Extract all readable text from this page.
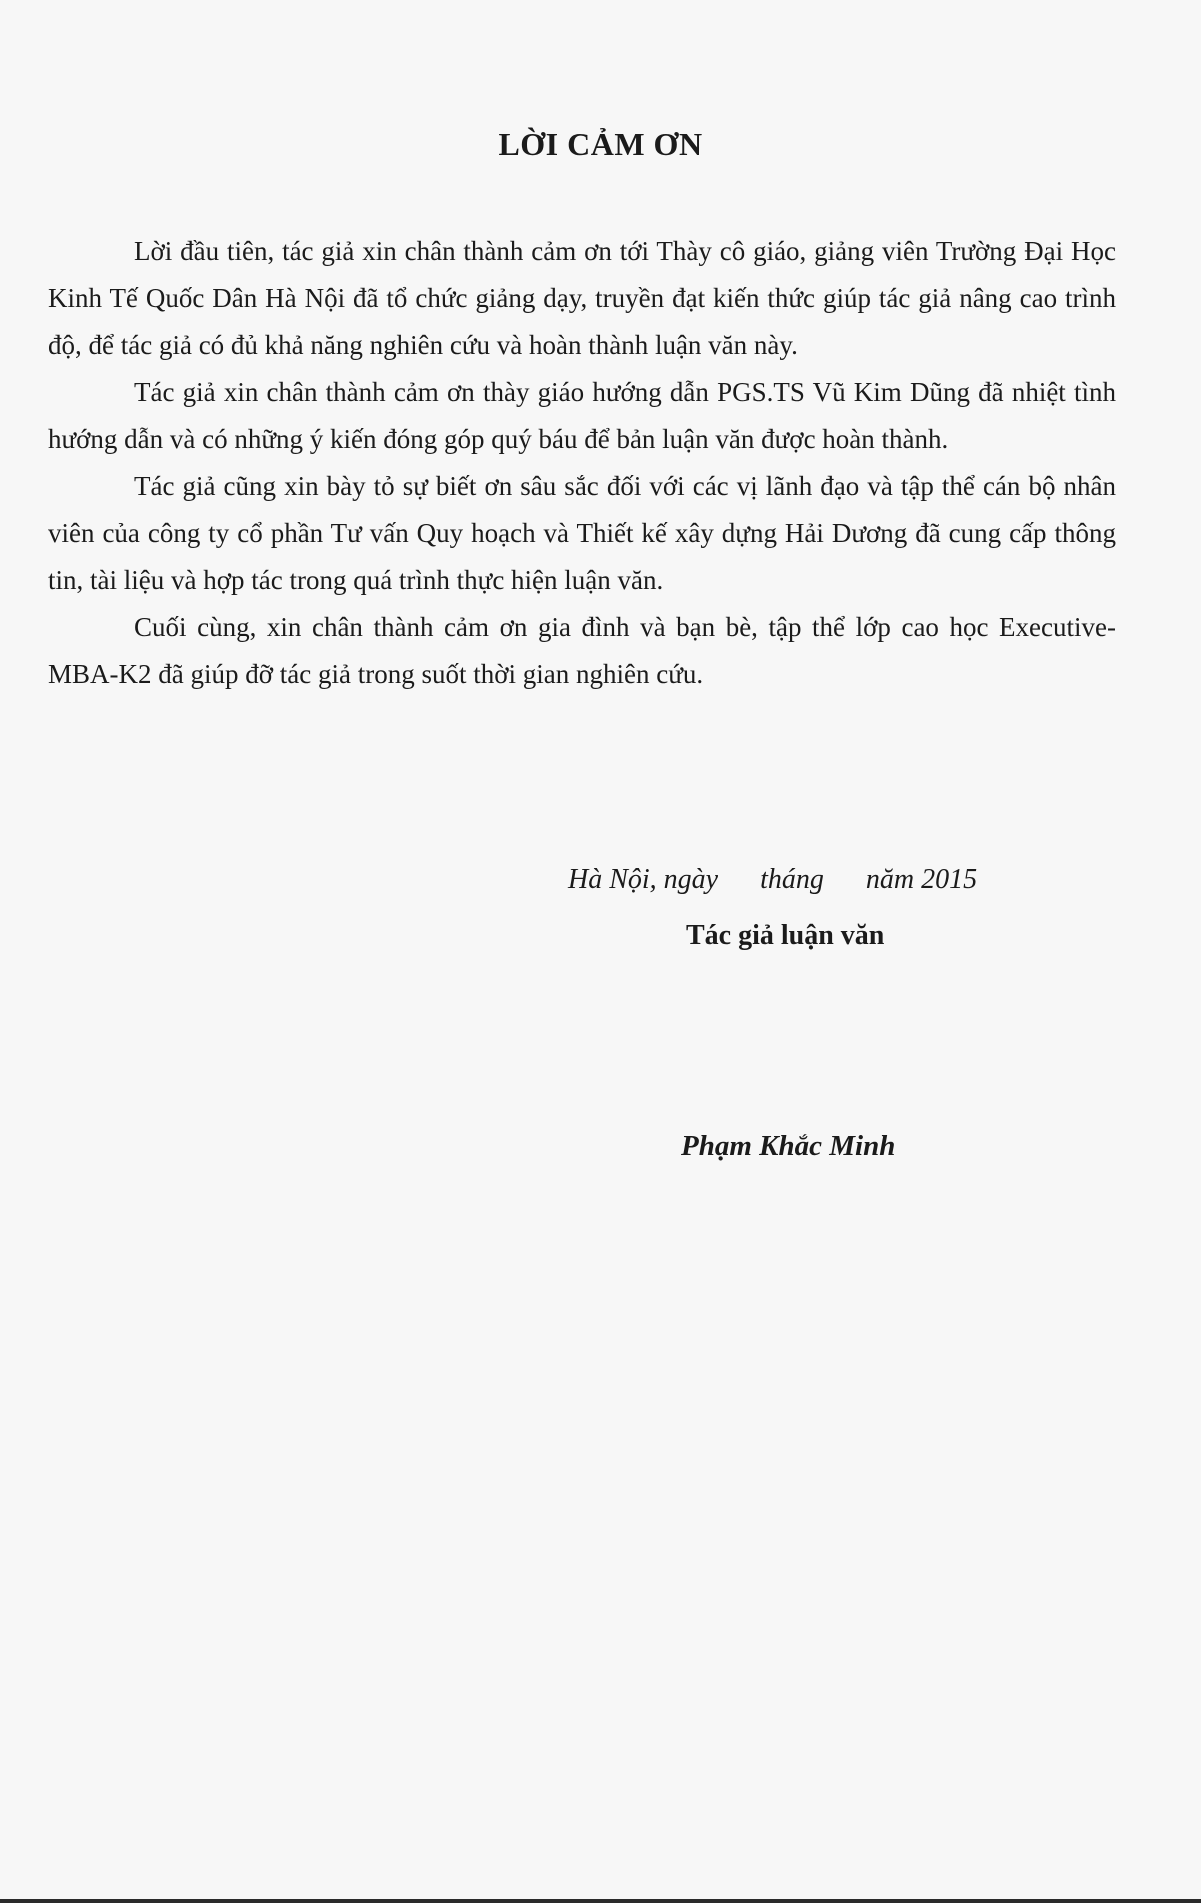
LỜI CẢM ƠN

Lời đầu tiên, tác giả xin chân thành cảm ơn tới Thày cô giáo, giảng viên Trường Đại Học Kinh Tế Quốc Dân Hà Nội đã tổ chức giảng dạy, truyền đạt kiến thức giúp tác giả nâng cao trình độ, để tác giả có đủ khả năng nghiên cứu và hoàn thành luận văn này.

Tác giả xin chân thành cảm ơn thày giáo hướng dẫn PGS.TS Vũ Kim Dũng đã nhiệt tình hướng dẫn và có những ý kiến đóng góp quý báu để bản luận văn được hoàn thành.

Tác giả cũng xin bày tỏ sự biết ơn sâu sắc đối với các vị lãnh đạo và tập thể cán bộ nhân viên của công ty cổ phần Tư vấn Quy hoạch và Thiết kế xây dựng Hải Dương đã cung cấp thông tin, tài liệu và hợp tác trong quá trình thực hiện luận văn.

Cuối cùng, xin chân thành cảm ơn gia đình và bạn bè, tập thể lớp cao học Executive-MBA-K2 đã giúp đỡ tác giả trong suốt thời gian nghiên cứu.

Hà Nội, ngày      tháng      năm 2015
Tác giả luận văn
Phạm Khắc Minh
